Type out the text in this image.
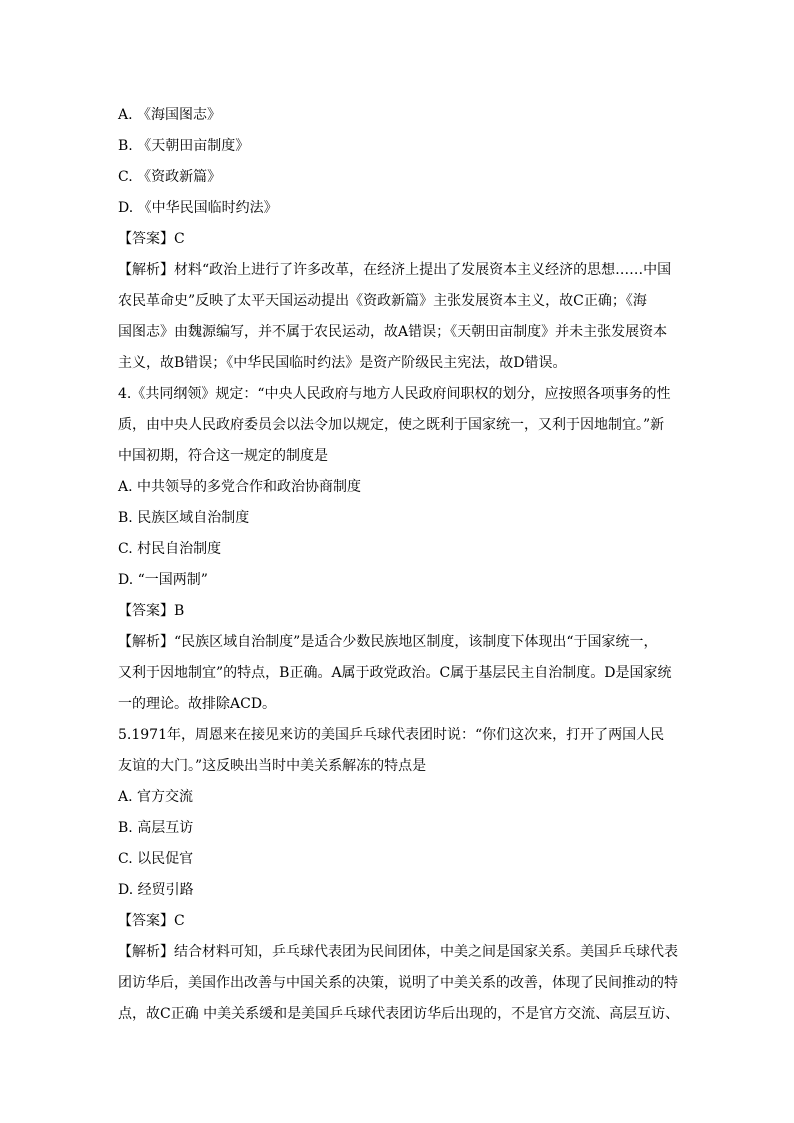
A. 《海国图志》

B. 《天朝田亩制度》

C. 《资政新篇》

D. 《中华民国临时约法》

【答案】C

【解析】材料“政治上进行了许多改革，在经济上提出了发展资本主义经济的思想……中国

农民革命史”反映了太平天国运动提出《资政新篇》主张发展资本主义，故C正确；《海

国图志》由魏源编写，并不属于农民运动，故A错误；《天朝田亩制度》并未主张发展资本

主义，故B错误；《中华民国临时约法》是资产阶级民主宪法，故D错误。

4.《共同纲领》规定：“中央人民政府与地方人民政府间职权的划分，应按照各项事务的性

质，由中央人民政府委员会以法令加以规定，使之既利于国家统一，又利于因地制宜。”新

中国初期，符合这一规定的制度是

A. 中共领导的多党合作和政治协商制度

B. 民族区域自治制度

C. 村民自治制度

D. “一国两制”

【答案】B

【解析】“民族区域自治制度”是适合少数民族地区制度，该制度下体现出“于国家统一，

又利于因地制宜”的特点，B正确。A属于政党政治。C属于基层民主自治制度。D是国家统

一的理论。故排除ACD。

5.1971年，周恩来在接见来访的美国乒乓球代表团时说：“你们这次来，打开了两国人民

友谊的大门。”这反映出当时中美关系解冻的特点是

A. 官方交流

B. 高层互访

C. 以民促官

D. 经贸引路

【答案】C

【解析】结合材料可知，乒乓球代表团为民间团体，中美之间是国家关系。美国乒乓球代表

团访华后，美国作出改善与中国关系的决策，说明了中美关系的改善，体现了民间推动的特

点，故C正确 中美关系缓和是美国乒乓球代表团访华后出现的，不是官方交流、高层互访、
